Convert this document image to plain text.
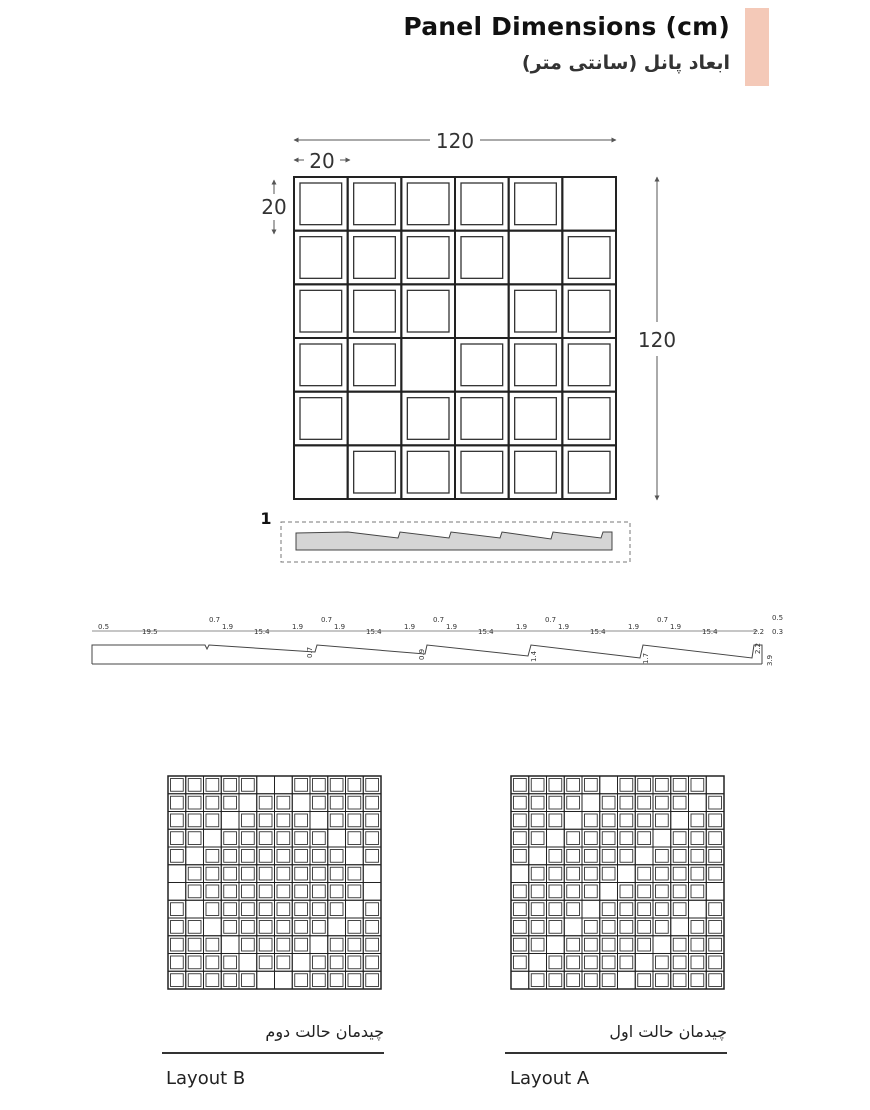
Panel Dimensions (cm)
ابعاد پانل (سانتی متر)
120
20
20
120
1
0.5
19.5
0.7
1.9
15.4
1.9
0.7
1.9
15.4
1.9
0.7
1.9
15.4
1.9
0.7
1.9
15.4
1.9
0.7
1.9
15.4	2.2
0.5
0.3
0.7	0.9	1.4	1.7
2.2
3.9
چیدمان حالت دوم
Layout B
چیدمان حالت اول
Layout A
